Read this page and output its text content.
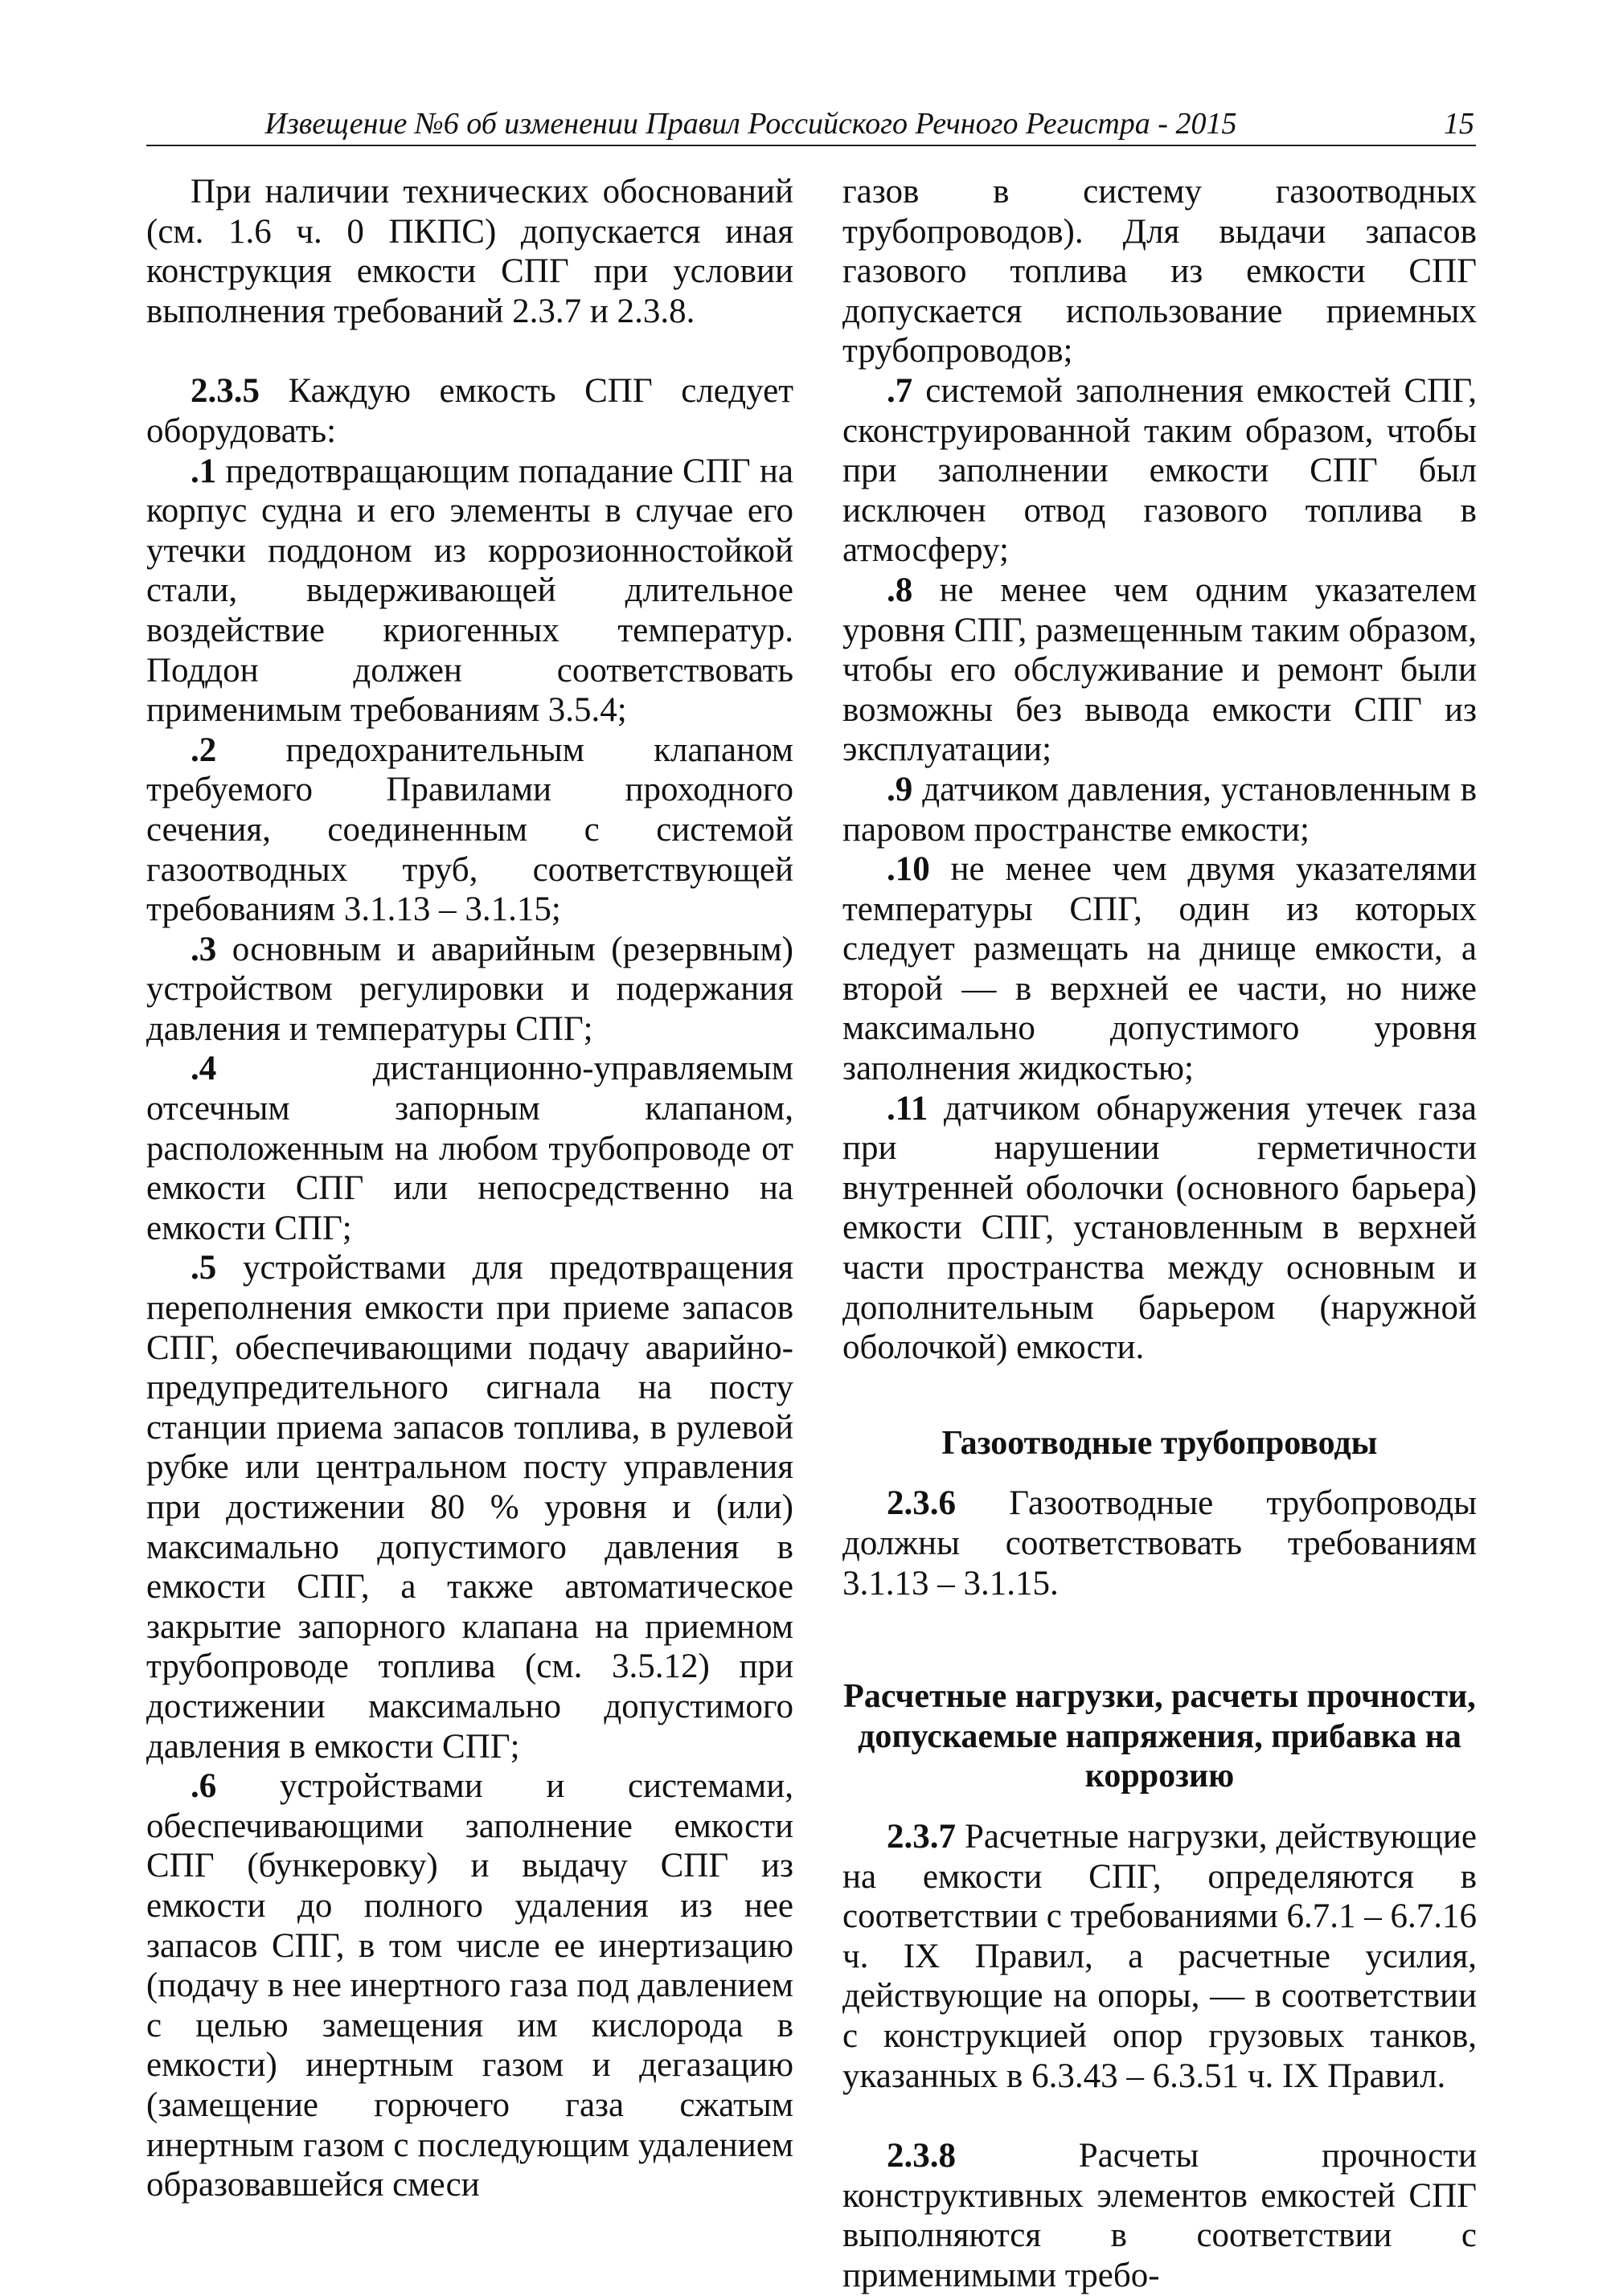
Извещение №6 об изменении Правил Российского Речного Регистра - 2015	15

При наличии технических обоснований (см. 1.6 ч. 0 ПКПС) допускается иная конструкция емкости СПГ при условии выполнения требований 2.3.7 и 2.3.8.

2.3.5 Каждую емкость СПГ следует оборудовать:

.1 предотвращающим попадание СПГ на корпус судна и его элементы в случае его утечки поддоном из коррозионностойкой стали, выдерживающей длительное воздействие криогенных температур. Поддон должен соответствовать применимым требованиям 3.5.4;

.2 предохранительным клапаном требуемого Правилами проходного сечения, соединенным с системой газоотводных труб, соответствующей требованиям 3.1.13 – 3.1.15;

.3 основным и аварийным (резервным) устройством регулировки и подержания давления и температуры СПГ;

.4 дистанционно-управляемым отсечным запорным клапаном, расположенным на любом трубопроводе от емкости СПГ или непосредственно на емкости СПГ;

.5 устройствами для предотвращения переполнения емкости при приеме запасов СПГ, обеспечивающими подачу аварийно-предупредительного сигнала на посту станции приема запасов топлива, в рулевой рубке или центральном посту управления при достижении 80 % уровня и (или) максимально допустимого давления в емкости СПГ, а также автоматическое закрытие запорного клапана на приемном трубопроводе топлива (см. 3.5.12) при достижении максимально допустимого давления в емкости СПГ;

.6 устройствами и системами, обеспечивающими заполнение емкости СПГ (бункеровку) и выдачу СПГ из емкости до полного удаления из нее запасов СПГ, в том числе ее инертизацию (подачу в нее инертного газа под давлением с целью замещения им кислорода в емкости) инертным газом и дегазацию (замещение горючего газа сжатым инертным газом с последующим удалением образовавшейся смеси

газов в систему газоотводных трубопроводов). Для выдачи запасов газового топлива из емкости СПГ допускается использование приемных трубопроводов;

.7 системой заполнения емкостей СПГ, сконструированной таким образом, чтобы при заполнении емкости СПГ был исключен отвод газового топлива в атмосферу;

.8 не менее чем одним указателем уровня СПГ, размещенным таким образом, чтобы его обслуживание и ремонт были возможны без вывода емкости СПГ из эксплуатации;

.9 датчиком давления, установленным в паровом пространстве емкости;

.10 не менее чем двумя указателями температуры СПГ, один из которых следует размещать на днище емкости, а второй — в верхней ее части, но ниже максимально допустимого уровня заполнения жидкостью;

.11 датчиком обнаружения утечек газа при нарушении герметичности внутренней оболочки (основного барьера) емкости СПГ, установленным в верхней части пространства между основным и дополнительным барьером (наружной оболочкой) емкости.

Газоотводные трубопроводы

2.3.6 Газоотводные трубопроводы должны соответствовать требованиям 3.1.13 – 3.1.15.

Расчетные нагрузки, расчеты прочности, допускаемые напряжения, прибавка на коррозию

2.3.7 Расчетные нагрузки, действующие на емкости СПГ, определяются в соответствии с требованиями 6.7.1 – 6.7.16 ч. IX Правил, а расчетные усилия, действующие на опоры, — в соответствии с конструкцией опор грузовых танков, указанных в 6.3.43 – 6.3.51 ч. IX Правил.

2.3.8 Расчеты прочности конструктивных элементов емкостей СПГ выполняются в соответствии с применимыми требо-
